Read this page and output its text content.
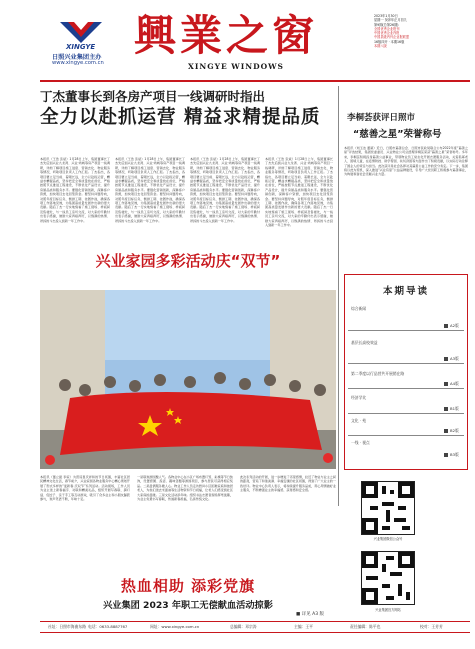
XINGYE
日照兴业集团主办
www.xingye.com.cn
興業之窗
XINGYE WINDOWS
2023年1月30日
星期一 癸卯年正月初九
第9期(总第26期)
全国优秀企业报刊
中国优秀企业内报
中国县级内刊企业报联盟
16版四开 · 本期16版
本期八版
丁杰董事长到各房产项目一线调研时指出
全力以赴抓运营 精益求精提品质
本报讯（王浩 张斌）1月28日上午，集团董事长丁杰先后到兴业九龙湾、兴业·尚城等房产项目一线调研，详细了解项目施工进度、营销去化、物业服务等情况，听取项目负责人工作汇报。丁杰指出，各项目要立足当前、着眼长远，全力以赴抓运营，精益求精提品质，坚持把安全和质量放在首位，严格按照节点推进工程建设，不断优化产品设计，提升房屋品质和服务水平。要强化营销创新，深耕客户资源，加快项目去化回笼资金。要坚持问题导向，对照年度目标任务，倒排工期、挂图作战，确保各项工作落地见效，为集团高质量发展作出新的更大贡献。随后丁杰一行实地察看了施工现场、样板间及售楼处，与一线员工亲切交流，对大家的辛勤付出表示感谢，勉励大家再接再厉，以饱满的热情、昂扬的斗志投入到新一年工作中。
本报讯（王浩 张斌）1月28日上午，集团董事长丁杰先后到兴业九龙湾、兴业·尚城等房产项目一线调研，详细了解项目施工进度、营销去化、物业服务等情况，听取项目负责人工作汇报。丁杰指出，各项目要立足当前、着眼长远，全力以赴抓运营，精益求精提品质，坚持把安全和质量放在首位，严格按照节点推进工程建设，不断优化产品设计，提升房屋品质和服务水平。要强化营销创新，深耕客户资源，加快项目去化回笼资金。要坚持问题导向，对照年度目标任务，倒排工期、挂图作战，确保各项工作落地见效，为集团高质量发展作出新的更大贡献。随后丁杰一行实地察看了施工现场、样板间及售楼处，与一线员工亲切交流，对大家的辛勤付出表示感谢，勉励大家再接再厉，以饱满的热情、昂扬的斗志投入到新一年工作中。
本报讯（王浩 张斌）1月28日上午，集团董事长丁杰先后到兴业九龙湾、兴业·尚城等房产项目一线调研，详细了解项目施工进度、营销去化、物业服务等情况，听取项目负责人工作汇报。丁杰指出，各项目要立足当前、着眼长远，全力以赴抓运营，精益求精提品质，坚持把安全和质量放在首位，严格按照节点推进工程建设，不断优化产品设计，提升房屋品质和服务水平。要强化营销创新，深耕客户资源，加快项目去化回笼资金。要坚持问题导向，对照年度目标任务，倒排工期、挂图作战，确保各项工作落地见效，为集团高质量发展作出新的更大贡献。随后丁杰一行实地察看了施工现场、样板间及售楼处，与一线员工亲切交流，对大家的辛勤付出表示感谢，勉励大家再接再厉，以饱满的热情、昂扬的斗志投入到新一年工作中。
本报讯（王浩 张斌）1月28日上午，集团董事长丁杰先后到兴业九龙湾、兴业·尚城等房产项目一线调研，详细了解项目施工进度、营销去化、物业服务等情况，听取项目负责人工作汇报。丁杰指出，各项目要立足当前、着眼长远，全力以赴抓运营，精益求精提品质，坚持把安全和质量放在首位，严格按照节点推进工程建设，不断优化产品设计，提升房屋品质和服务水平。要强化营销创新，深耕客户资源，加快项目去化回笼资金。要坚持问题导向，对照年度目标任务，倒排工期、挂图作战，确保各项工作落地见效，为集团高质量发展作出新的更大贡献。随后丁杰一行实地察看了施工现场、样板间及售楼处，与一线员工亲切交流，对大家的辛勤付出表示感谢，勉励大家再接再厉，以饱满的热情、昂扬的斗志投入到新一年工作中。
李桐荟获评日照市
“慈善之星”荣誉称号
本报讯（刘玉洁 董颖）近日，日照市慈善总会、日照市民政局联合公布2022年度“慈善之星”评选结果，集团党委委员、兴业物业公司总经理李桐荟荣获“慈善之星”荣誉称号。多年来，李桐荟积极投身慈善公益事业，带领物业员工常态化开展志愿服务活动，关爱孤寡老人、困境儿童，在疫情防控、助学帮困、扶贫济困等方面作出了积极贡献，以实际行动诠释了国企人的责任与担当。此次获评是社会各界对其慈善公益工作的充分肯定。下一步，集团将以此为契机，深入推进“兴业有爱”公益品牌建设，引导广大党员职工积极参与慈善事业，为构建和谐社会贡献兴业力量。
兴业家园多彩活动庆“双节”
本报讯（董立振 李家）为营造喜庆祥和的节日氛围，丰富社区居民精神文化生活，春节前夕，兴业家园各物业服务中心精心策划开展了形式多样的“迎新春 庆双节”系列活动。活动现场，工作人员为业主送上新春福字、对联和精美礼品，组织开展写春联、猜灯谜、包饺子、亲子手工等互动游戏，吸引了众多业主和小朋友踊跃参与，欢声笑语不断，年味十足。
一是联欢游园聚人气。各物业中心在小区广场布置灯笼、彩旗等节日装饰，设置套圈、投壶、趣味答题等游园项目，参与居民可获得相应奖品。二是温情服务暖人心。物业工作人员走访慰问小区困难家庭和独居老人，为他们送去米面油等生活物资和节日祝福，让老人们感受到社区大家庭的温暖。三是文化活动添年味。组织书法志愿者现场挥毫泼墨，为业主免费书写春联，传递新春祝福，弘扬传统文化。
此次系列活动的开展，进一步增进了邻里感情，拉近了物业与业主之间的距离，营造了和谐美满、幸福安康的社区氛围，得到了广大业主的一致好评。物业中心负责人表示，将持续提升服务品质，用心用情做好业主服务，不断增强业主的幸福感、获得感和安全感。
热血相助 添彩党旗
兴业集团 2023 年职工无偿献血活动掠影
■ 详见 A3 版
本期导读
综合新闻
A2版
基层长高校效益
A3版
第二季度以行品营共开展销在路
A4版
经济学比
B1版
文化 · 苑
B2版
一线 · 视点
B3版
兴业集团微信公众号
兴业集团官方网站
社址：日照市海曲东路 电话：0633-8887767	网址：www.xingye.com.cn	总编辑：邓宗涛	主编：王平	责任编辑：陈平也	校对：王芳芳
